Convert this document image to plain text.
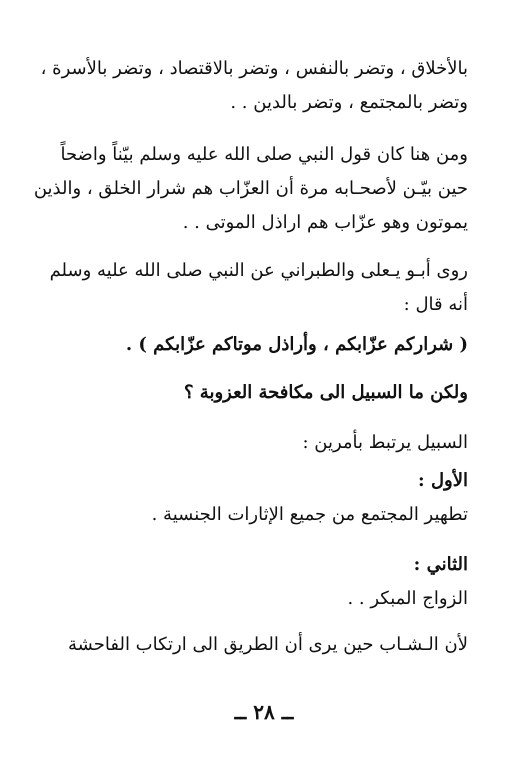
بالأخلاق ، وتضر بالنفس ، وتضر بالاقتصاد ، وتضر بالأسرة ،
وتضر بالمجتمع ، وتضر بالدين . .
ومن هنا كان قول النبي صلى الله عليه وسلم بيّناً واضحاً
حين بيّـن لأصحـابه مرة أن العزّاب هم شرار الخلق ، والذين
يموتون وهو عزّاب هم اراذل الموتى . .
روى أبـو يـعلى والطبراني عن النبي صلى الله عليه وسلم
أنه قال :
( شراركم عزّابكم ، وأراذل موتاكم عزّابكم ) .
ولكن ما السبيل الى مكافحة العزوبة ؟
السبيل يرتبط بأمرين :
الأول :
تطهير المجتمع من جميع الإثارات الجنسية .
الثاني :
الزواج المبكر . .
لأن الـشـاب حين يرى أن الطريق الى ارتكاب الفاحشة
ــ ٢٨ ــ
